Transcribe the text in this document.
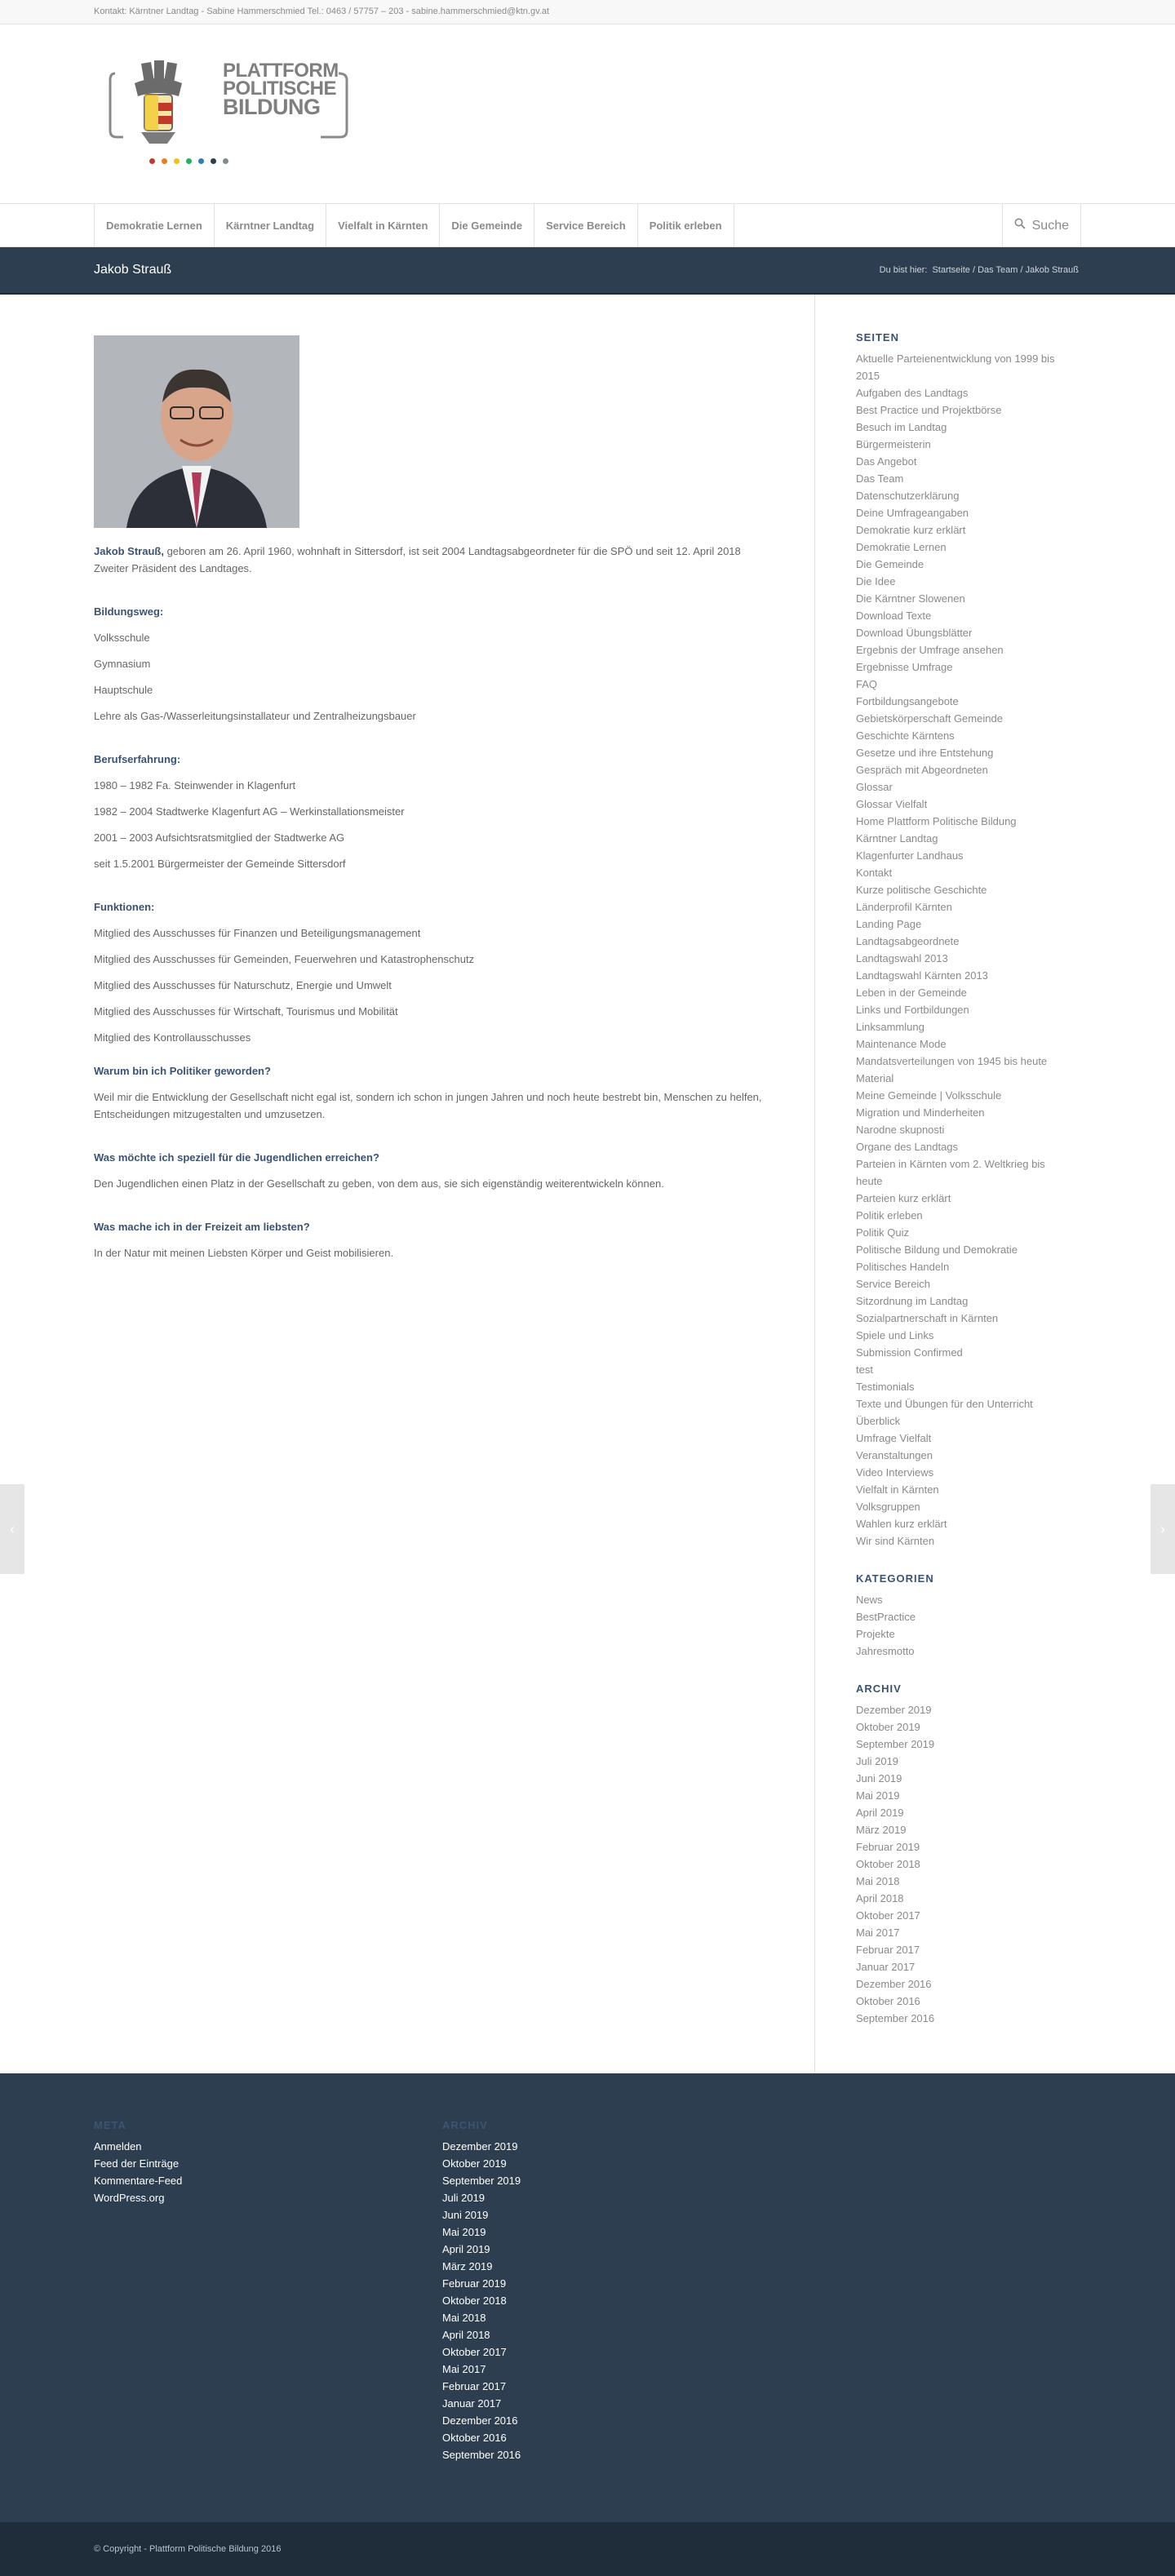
Kontakt: Kärntner Landtag - Sabine Hammerschmied Tel.: 0463 / 57757 – 203 - sabine.hammerschmied@ktn.gv.at
PLATTFORM
POLITISCHE
BILDUNG
Demokratie Lernen	Kärntner Landtag	Vielfalt in Kärnten	Die Gemeinde	Service Bereich	Politik erleben	Suche
Jakob Strauß	Du bist hier: Startseite / Das Team / Jakob Strauß

Jakob Strauß, geboren am 26. April 1960, wohnhaft in Sittersdorf, ist seit 2004 Landtagsabgeordneter für die SPÖ und seit 12. April 2018 Zweiter Präsident des Landtages.

Bildungsweg:

Volksschule

Gymnasium

Hauptschule

Lehre als Gas-/Wasserleitungsinstallateur und Zentralheizungsbauer

Berufserfahrung:

1980 – 1982 Fa. Steinwender in Klagenfurt

1982 – 2004 Stadtwerke Klagenfurt AG – Werkinstallationsmeister

2001 – 2003 Aufsichtsratsmitglied der Stadtwerke AG

seit 1.5.2001 Bürgermeister der Gemeinde Sittersdorf

Funktionen:

Mitglied des Ausschusses für Finanzen und Beteiligungsmanagement

Mitglied des Ausschusses für Gemeinden, Feuerwehren und Katastrophenschutz

Mitglied des Ausschusses für Naturschutz, Energie und Umwelt

Mitglied des Ausschusses für Wirtschaft, Tourismus und Mobilität

Mitglied des Kontrollausschusses

Warum bin ich Politiker geworden?

Weil mir die Entwicklung der Gesellschaft nicht egal ist, sondern ich schon in jungen Jahren und noch heute bestrebt bin, Menschen zu helfen, Entscheidungen mitzugestalten und umzusetzen.

Was möchte ich speziell für die Jugendlichen erreichen?

Den Jugendlichen einen Platz in der Gesellschaft zu geben, von dem aus, sie sich eigenständig weiterentwickeln können.

Was mache ich in der Freizeit am liebsten?

In der Natur mit meinen Liebsten Körper und Geist mobilisieren.

SEITEN
Aktuelle Parteienentwicklung von 1999 bis 2015
Aufgaben des Landtags
Best Practice und Projektbörse
Besuch im Landtag
Bürgermeisterin
Das Angebot
Das Team
Datenschutzerklärung
Deine Umfrageangaben
Demokratie kurz erklärt
Demokratie Lernen
Die Gemeinde
Die Idee
Die Kärntner Slowenen
Download Texte
Download Übungsblätter
Ergebnis der Umfrage ansehen
Ergebnisse Umfrage
FAQ
Fortbildungsangebote
Gebietskörperschaft Gemeinde
Geschichte Kärntens
Gesetze und ihre Entstehung
Gespräch mit Abgeordneten
Glossar
Glossar Vielfalt
Home Plattform Politische Bildung
Kärntner Landtag
Klagenfurter Landhaus
Kontakt
Kurze politische Geschichte
Länderprofil Kärnten
Landing Page
Landtagsabgeordnete
Landtagswahl 2013
Landtagswahl Kärnten 2013
Leben in der Gemeinde
Links und Fortbildungen
Linksammlung
Maintenance Mode
Mandatsverteilungen von 1945 bis heute
Material
Meine Gemeinde | Volksschule
Migration und Minderheiten
Narodne skupnosti
Organe des Landtags
Parteien in Kärnten vom 2. Weltkrieg bis heute
Parteien kurz erklärt
Politik erleben
Politik Quiz
Politische Bildung und Demokratie
Politisches Handeln
Service Bereich
Sitzordnung im Landtag
Sozialpartnerschaft in Kärnten
Spiele und Links
Submission Confirmed
test
Testimonials
Texte und Übungen für den Unterricht
Überblick
Umfrage Vielfalt
Veranstaltungen
Video Interviews
Vielfalt in Kärnten
Volksgruppen
Wahlen kurz erklärt
Wir sind Kärnten
KATEGORIEN
News
BestPractice
Projekte
Jahresmotto
ARCHIV
Dezember 2019
Oktober 2019
September 2019
Juli 2019
Juni 2019
Mai 2019
April 2019
März 2019
Februar 2019
Oktober 2018
Mai 2018
April 2018
Oktober 2017
Mai 2017
Februar 2017
Januar 2017
Dezember 2016
Oktober 2016
September 2016
‹	›
META
Anmelden
Feed der Einträge
Kommentare-Feed
WordPress.org
ARCHIV
Dezember 2019
Oktober 2019
September 2019
Juli 2019
Juni 2019
Mai 2019
April 2019
März 2019
Februar 2019
Oktober 2018
Mai 2018
April 2018
Oktober 2017
Mai 2017
Februar 2017
Januar 2017
Dezember 2016
Oktober 2016
September 2016
© Copyright - Plattform Politische Bildung 2016
